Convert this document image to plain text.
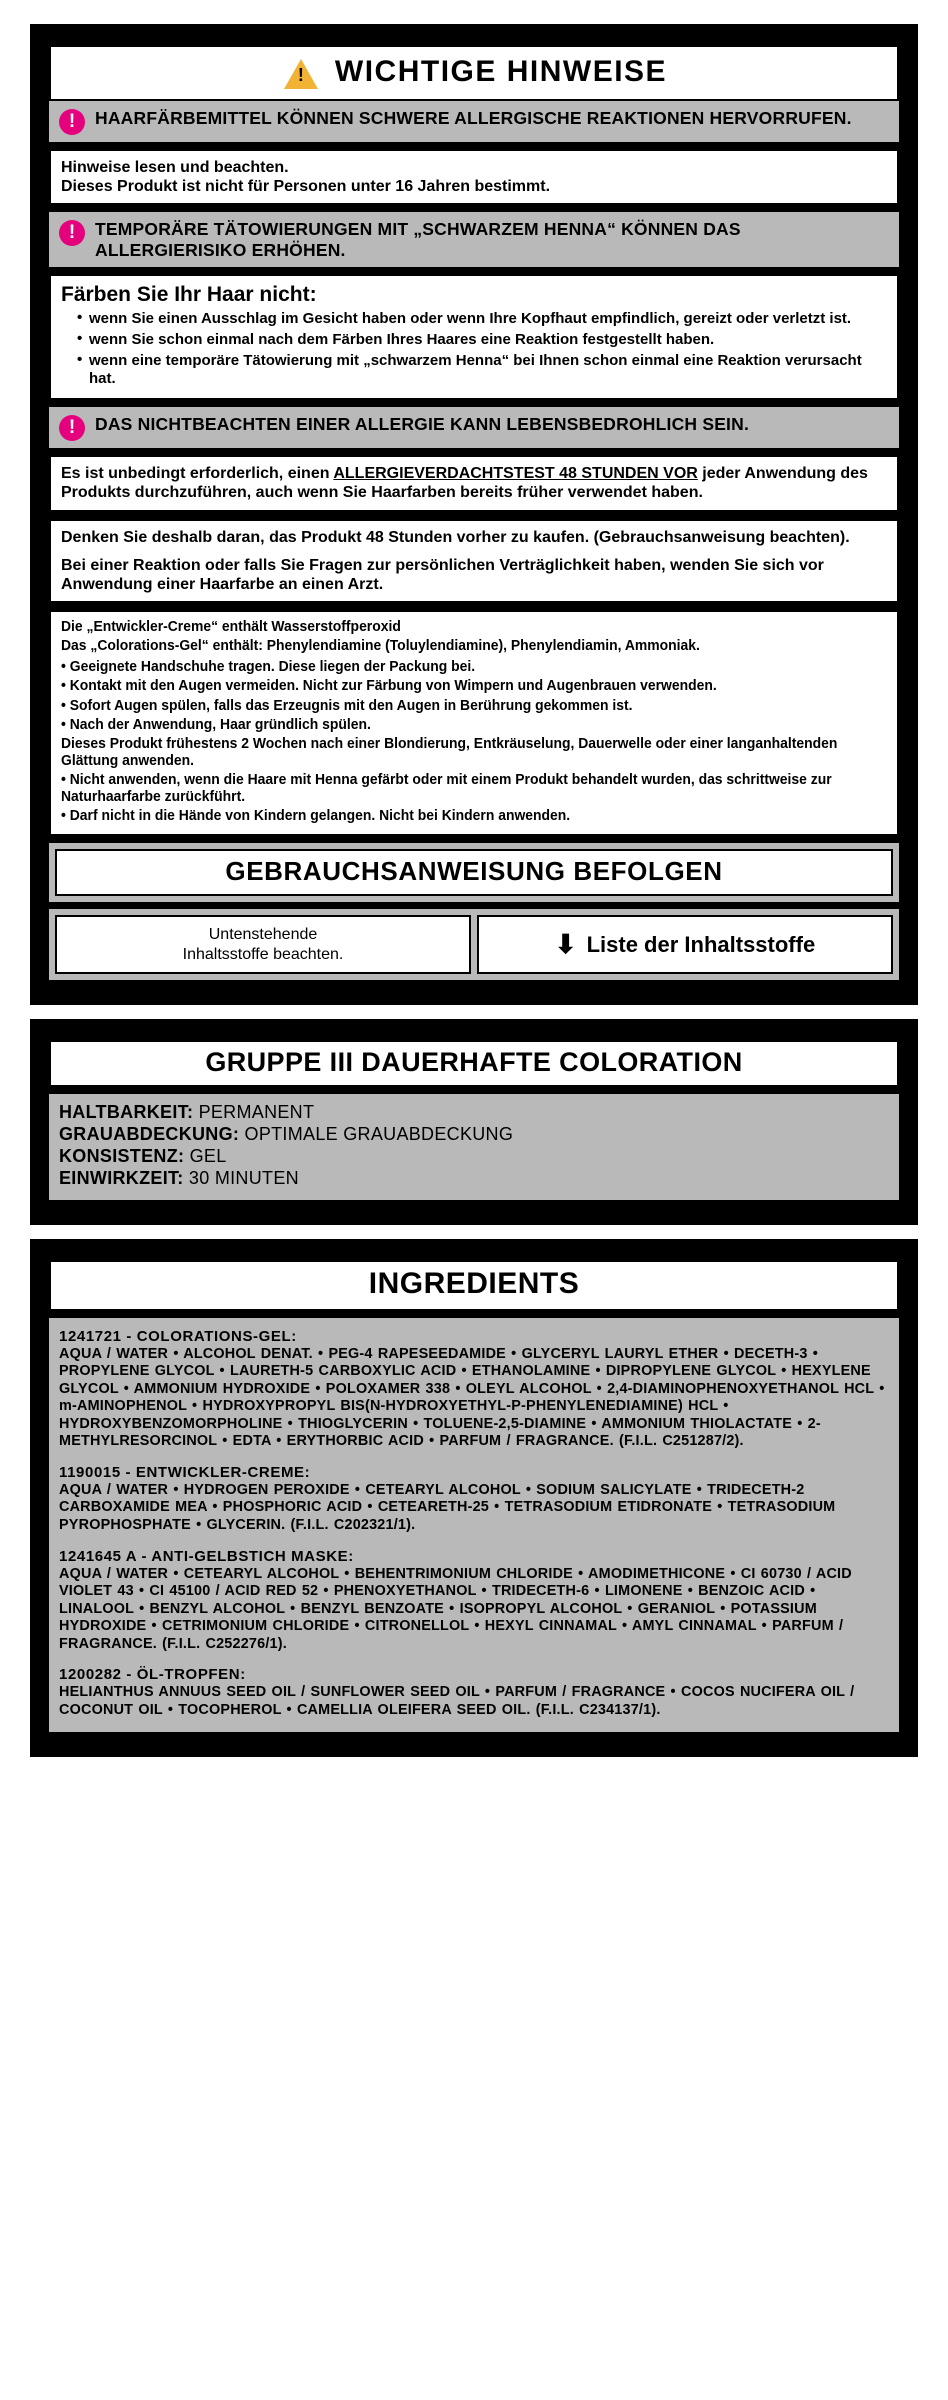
!
WICHTIGE HINWEISE
!	HAARFÄRBEMITTEL KÖNNEN SCHWERE ALLERGISCHE REAKTIONEN HERVORRUFEN.
Hinweise lesen und beachten.
Dieses Produkt ist nicht für Personen unter 16 Jahren bestimmt.
!	TEMPORÄRE TÄTOWIERUNGEN MIT „SCHWARZEM HENNA“ KÖNNEN DAS ALLERGIERISIKO ERHÖHEN.
Färben Sie Ihr Haar nicht:
• wenn Sie einen Ausschlag im Gesicht haben oder wenn Ihre Kopfhaut empfindlich, gereizt oder verletzt ist.
• wenn Sie schon einmal nach dem Färben Ihres Haares eine Reaktion festgestellt haben.
• wenn eine temporäre Tätowierung mit „schwarzem Henna“ bei Ihnen schon einmal eine Reaktion verursacht hat.
!	DAS NICHTBEACHTEN EINER ALLERGIE KANN LEBENSBEDROHLICH SEIN.
Es ist unbedingt erforderlich, einen ALLERGIEVERDACHTSTEST 48 STUNDEN VOR jeder Anwendung des Produkts durchzuführen, auch wenn Sie Haarfarben bereits früher verwendet haben.
Denken Sie deshalb daran, das Produkt 48 Stunden vorher zu kaufen. (Gebrauchsanweisung beachten).
Bei einer Reaktion oder falls Sie Fragen zur persönlichen Verträglichkeit haben, wenden Sie sich vor Anwendung einer Haarfarbe an einen Arzt.

Die „Entwickler-Creme“ enthält Wasserstoffperoxid

Das „Colorations-Gel“ enthält: Phenylendiamine (Toluylendiamine), Phenylendiamin, Ammoniak.

• Geeignete Handschuhe tragen. Diese liegen der Packung bei.

• Kontakt mit den Augen vermeiden. Nicht zur Färbung von Wimpern und Augenbrauen verwenden.

• Sofort Augen spülen, falls das Erzeugnis mit den Augen in Berührung gekommen ist.

• Nach der Anwendung, Haar gründlich spülen.

Dieses Produkt frühestens 2 Wochen nach einer Blondierung, Entkräuselung, Dauerwelle oder einer langanhaltenden Glättung anwenden.

• Nicht anwenden, wenn die Haare mit Henna gefärbt oder mit einem Produkt behandelt wurden, das schrittweise zur Naturhaarfarbe zurückführt.

• Darf nicht in die Hände von Kindern gelangen. Nicht bei Kindern anwenden.

GEBRAUCHSANWEISUNG BEFOLGEN
Untenstehende
Inhaltsstoffe beachten.	⬇ Liste der Inhaltsstoffe
GRUPPE III DAUERHAFTE COLORATION
HALTBARKEIT: PERMANENT
GRAUABDECKUNG: OPTIMALE GRAUABDECKUNG
KONSISTENZ: GEL
EINWIRKZEIT: 30 MINUTEN
INGREDIENTS
1241721 - COLORATIONS-GEL:
AQUA / WATER • ALCOHOL DENAT. • PEG-4 RAPESEEDAMIDE • GLYCERYL LAURYL ETHER • DECETH-3 • PROPYLENE GLYCOL • LAURETH-5 CARBOXYLIC ACID • ETHANOLAMINE • DIPROPYLENE GLYCOL • HEXYLENE GLYCOL • AMMONIUM HYDROXIDE • POLOXAMER 338 • OLEYL ALCOHOL • 2,4-DIAMINOPHENOXYETHANOL HCL • m-AMINOPHENOL • HYDROXYPROPYL BIS(N-HYDROXYETHYL-P-PHENYLENEDIAMINE) HCL • HYDROXYBENZOMORPHOLINE • THIOGLYCERIN • TOLUENE-2,5-DIAMINE • AMMONIUM THIOLACTATE • 2-METHYLRESORCINOL • EDTA • ERYTHORBIC ACID • PARFUM / FRAGRANCE. (F.I.L. C251287/2).
1190015 - ENTWICKLER-CREME:
AQUA / WATER • HYDROGEN PEROXIDE • CETEARYL ALCOHOL • SODIUM SALICYLATE • TRIDECETH-2 CARBOXAMIDE MEA • PHOSPHORIC ACID • CETEARETH-25 • TETRASODIUM ETIDRONATE • TETRASODIUM PYROPHOSPHATE • GLYCERIN. (F.I.L. C202321/1).
1241645 A - ANTI-GELBSTICH MASKE:
AQUA / WATER • CETEARYL ALCOHOL • BEHENTRIMONIUM CHLORIDE • AMODIMETHICONE • CI 60730 / ACID VIOLET 43 • CI 45100 / ACID RED 52 • PHENOXYETHANOL • TRIDECETH-6 • LIMONENE • BENZOIC ACID • LINALOOL • BENZYL ALCOHOL • BENZYL BENZOATE • ISOPROPYL ALCOHOL • GERANIOL • POTASSIUM HYDROXIDE • CETRIMONIUM CHLORIDE • CITRONELLOL • HEXYL CINNAMAL • AMYL CINNAMAL • PARFUM / FRAGRANCE. (F.I.L. C252276/1).
1200282 - ÖL-TROPFEN:
HELIANTHUS ANNUUS SEED OIL / SUNFLOWER SEED OIL • PARFUM / FRAGRANCE • COCOS NUCIFERA OIL / COCONUT OIL • TOCOPHEROL • CAMELLIA OLEIFERA SEED OIL. (F.I.L. C234137/1).
